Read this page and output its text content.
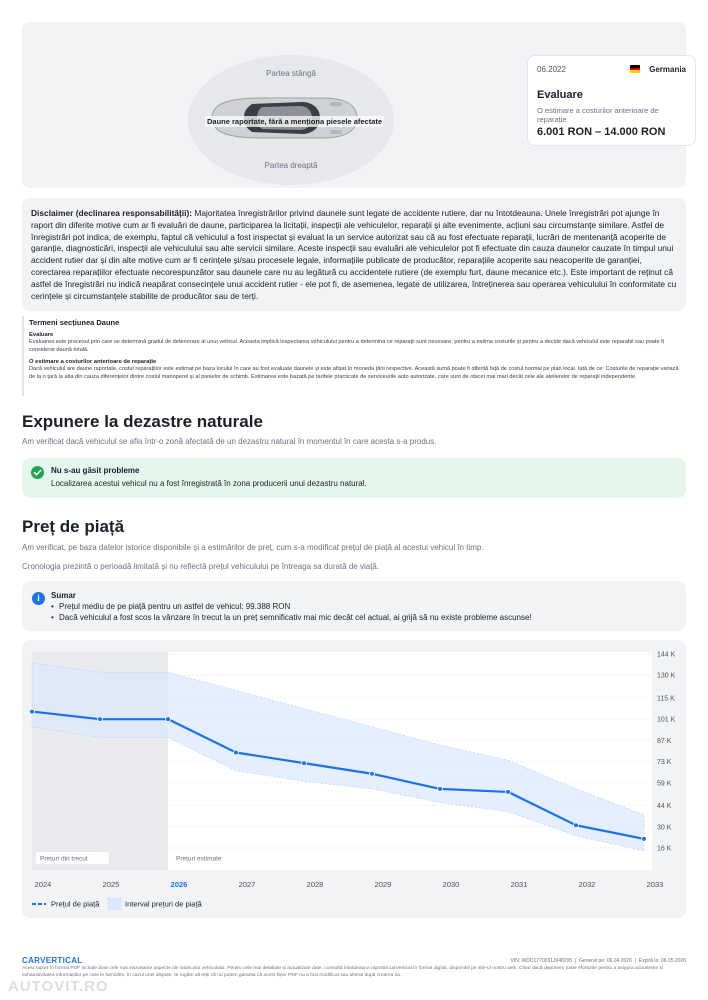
Partea stângă
Partea dreaptă
Daune raportate, fără a menționa piesele afectate
06.2022	Germania
Evaluare
O estimare a costurilor anterioare de reparație
6.001 RON – 14.000 RON
Disclaimer (declinarea responsabilității): Majoritatea înregistrărilor privind daunele sunt legate de accidente rutiere, dar nu întotdeauna. Unele înregistrări pot ajunge în raport din diferite motive cum ar fi evaluări de daune, participarea la licitații, inspecții ale vehiculelor, reparații și alte evenimente, acțiuni sau circumstanțe similare. Astfel de înregistrări pot indica, de exemplu, faptul că vehiculul a fost inspectat și evaluat la un service autorizat sau că au fost efectuate reparații, lucrări de mentenanță acoperite de garanție, diagnosticări, inspecții ale vehiculului sau alte servicii similare. Aceste inspecții sau evaluări ale vehiculelor pot fi efectuate din cauza daunelor cauzate în timpul unui accident rutier dar și din alte motive cum ar fi cerințele și/sau procesele legale, informațiile publicate de producător, reparațiile acoperite sau neacoperite de garanției, corectarea reparațiilor efectuate necorespunzător sau daunele care nu au legătură cu accidentele rutiere (de exemplu furt, daune mecanice etc.). Este important de reținut că astfel de înregistrări nu indică neapărat consecințele unui accident rutier - ele pot fi, de asemenea, legate de utilizarea, întreținerea sau operarea vehiculului în conformitate cu cerințele și circumstanțele stabilite de producător sau de terți.
Termeni secțiunea Daune
Evaluare
Evaluarea este procesul prin care se determină gradul de deteriorare al unui vehicul. Aceasta implică inspectarea vehiculului pentru a determina ce reparații sunt necesare, pentru a estima costurile și pentru a decide dacă vehiculul este reparabil sau poate fi considerat daună totală.
O estimare a costurilor anterioare de reparație
Dacă vehiculul are daune raportate, costul reparațiilor este estimat pe baza locului în care au fost evaluate daunele și este afișat în moneda țării respective. Această sumă poate fi diferită față de costul normal pe plan local. Iată de ce: Costurile de reparație variază de la o țară la alta din cauza diferențelor dintre costul manoperei și al pieselor de schimb. Estimarea este bazată pe tarifele practicate de serviceurile auto autorizate, care sunt de obicei mai mari decât cele ale atelierelor de reparații independente.
Expunere la dezastre naturale
Am verificat dacă vehiculul se afla într-o zonă afectată de un dezastru natural în momentul în care acesta s-a produs.
Nu s-au găsit probleme
Localizarea acestui vehicul nu a fost înregistrată în zona producerii unui dezastru natural.
Preț de piață
Am verificat, pe baza datelor istorice disponibile și a estimărilor de preț, cum s-a modificat prețul de piață al acestui vehicul în timp.
Cronologia prezintă o perioadă limitată și nu reflectă prețul vehiculului pe întreaga sa durată de viață.
i	Sumar
• Prețul mediu de pe piață pentru un astfel de vehicul: 99.388 RON
• Dacă vehiculul a fost scos la vânzare în trecut la un preț semnificativ mai mic decât cel actual, ai grijă să nu existe probleme ascunse!
Prețuri din trecut	Prețuri estimate
144 K
130 K
115 K
101 K
87 K
73 K
59 K
44 K
30 K
16 K
2024	2025	2026	2027	2028	2029	2030	2031	2032	2033
Prețul de piață	Interval prețuri de piață
CARVERTICAL	VIN: WDD1770031J048295  |  Generat pe: 06.04.2026  |  Expiră la: 06.05.2026
Acest raport în format PDF include doar cele mai importante aspecte ale istoricului vehiculului. Pentru cele mai detaliate și actualizate date, consultă întotdeauna raportul carVertical în format digital, disponibil pe site-ul nostru web. Chiar dacă depunem toate eforturile pentru a asigura acuratețea și exhaustivitatea informațiilor pe care le furnizăm, în cazul unei dispute, te rugăm să reții că nu putem garanta că acest fișier PDF nu a fost modificat sau alterat după crearea sa.
AUTOVIT.RO
